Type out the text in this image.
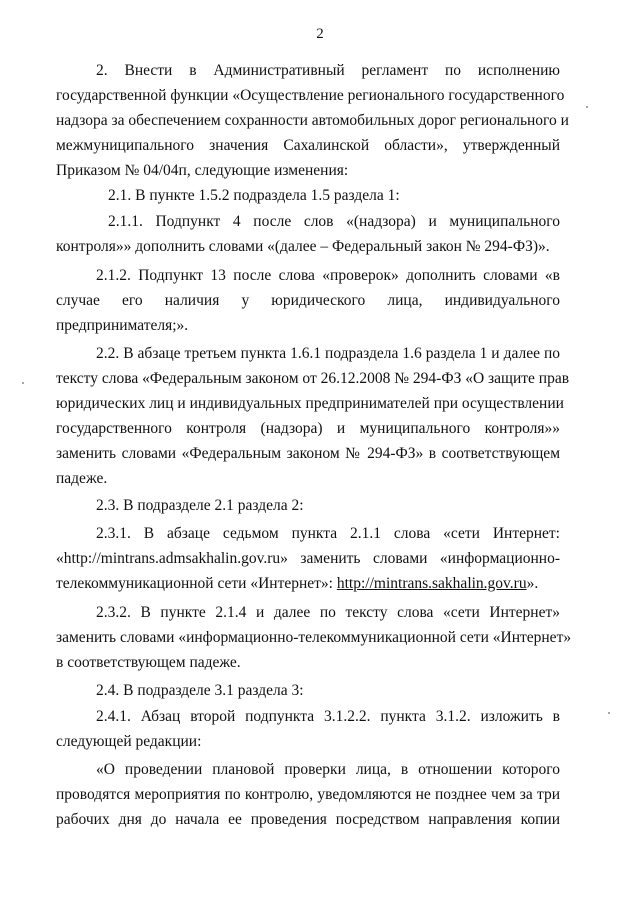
2
2. Внести в Административный регламент по исполнению
государственной функции «Осуществление регионального государственного
надзора за обеспечением сохранности автомобильных дорог регионального и
межмуниципального значения Сахалинской области», утвержденный
Приказом № 04/04п, следующие изменения:
2.1. В пункте 1.5.2 подраздела 1.5 раздела 1:
2.1.1. Подпункт 4 после слов «(надзора) и муниципального
контроля»» дополнить словами «(далее – Федеральный закон № 294-ФЗ)».
2.1.2. Подпункт 13 после слова «проверок» дополнить словами «в
случае его наличия у юридического лица, индивидуального
предпринимателя;».
2.2. В абзаце третьем пункта 1.6.1 подраздела 1.6 раздела 1 и далее по
тексту слова «Федеральным законом от 26.12.2008 № 294-ФЗ «О защите прав
юридических лиц и индивидуальных предпринимателей при осуществлении
государственного контроля (надзора) и муниципального контроля»»
заменить словами «Федеральным законом № 294-ФЗ» в соответствующем
падеже.
2.3. В подразделе 2.1 раздела 2:
2.3.1. В абзаце седьмом пункта 2.1.1 слова «сети Интернет:
«http://mintrans.admsakhalin.gov.ru» заменить словами «информационно-
телекоммуникационной сети «Интернет»: http://mintrans.sakhalin.gov.ru».
2.3.2. В пункте 2.1.4 и далее по тексту слова «сети Интернет»
заменить словами «информационно-телекоммуникационной сети «Интернет»
в соответствующем падеже.
2.4. В подразделе 3.1 раздела 3:
2.4.1. Абзац второй подпункта 3.1.2.2. пункта 3.1.2. изложить в
следующей редакции:
«О проведении плановой проверки лица, в отношении которого
проводятся мероприятия по контролю, уведомляются не позднее чем за три
рабочих дня до начала ее проведения посредством направления копии
